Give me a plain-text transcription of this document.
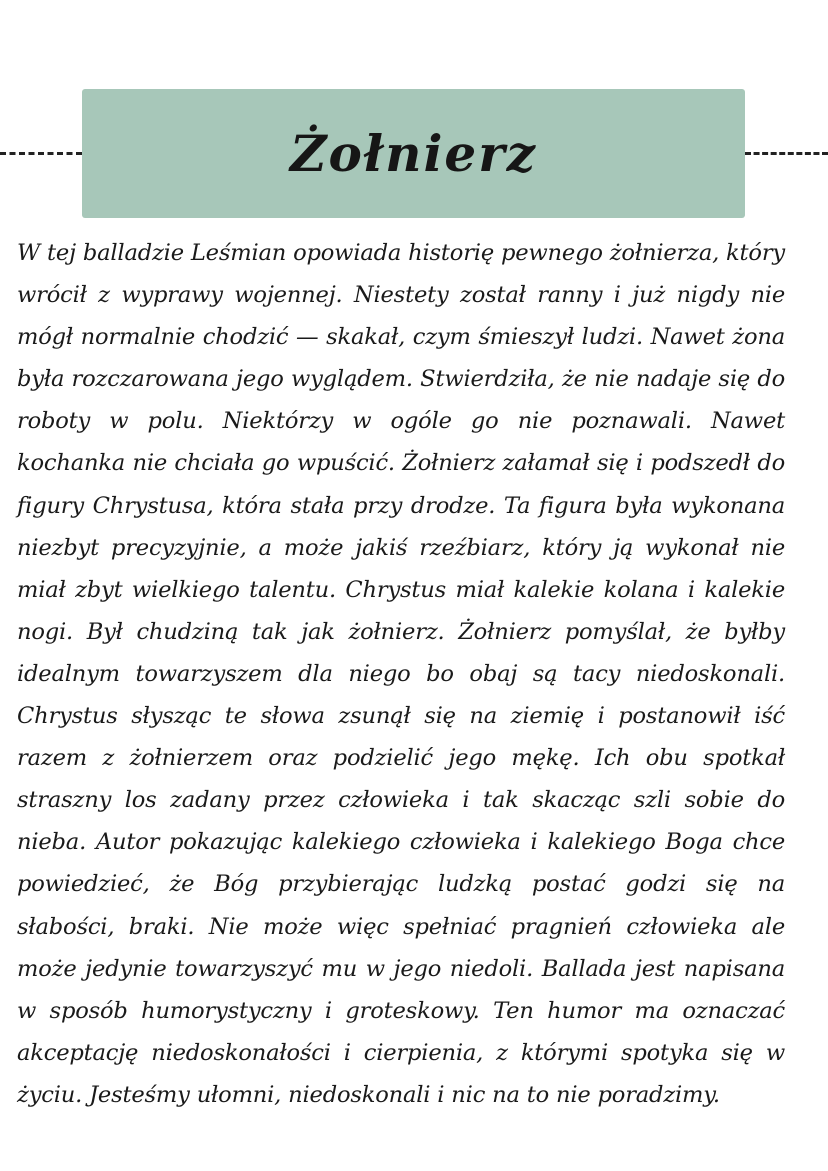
Żołnierz

W tej balladzie Leśmian opowiada historię pewnego żołnierza, który wrócił z wyprawy wojennej. Niestety został ranny i już nigdy nie mógł normalnie chodzić — skakał, czym śmieszył ludzi. Nawet żona była rozczarowana jego wyglądem. Stwierdziła, że nie nadaje się do roboty w polu. Niektórzy w ogóle go nie poznawali. Nawet kochanka nie chciała go wpuścić. Żołnierz załamał się i podszedł do figury Chrystusa, która stała przy drodze. Ta figura była wykonana niezbyt precyzyjnie, a może jakiś rzeźbiarz, który ją wykonał nie miał zbyt wielkiego talentu. Chrystus miał kalekie kolana i kalekie nogi. Był chudziną tak jak żołnierz. Żołnierz pomyślał, że byłby idealnym towarzyszem dla niego bo obaj są tacy niedoskonali. Chrystus słysząc te słowa zsunął się na ziemię i postanowił iść razem z żołnierzem oraz podzielić jego mękę. Ich obu spotkał straszny los zadany przez człowieka i tak skacząc szli sobie do nieba. Autor pokazując kalekiego człowieka i kalekiego Boga chce powiedzieć, że Bóg przybierając ludzką postać godzi się na słabości, braki. Nie może więc spełniać pragnień człowieka ale może jedynie towarzyszyć mu w jego niedoli. Ballada jest napisana w sposób humorystyczny i groteskowy. Ten humor ma oznaczać akceptację niedoskonałości i cierpienia, z którymi spotyka się w życiu. Jesteśmy ułomni, niedoskonali i nic na to nie poradzimy.
